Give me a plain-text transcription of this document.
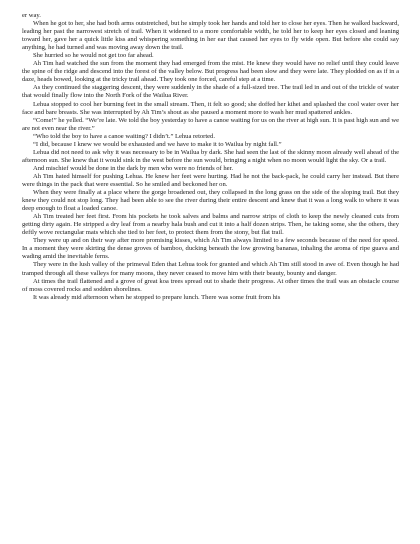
er way.

When he got to her, she had both arms outstretched, but he simply took her hands and told her to close her eyes. Then he walked backward, leading her past the narrowest stretch of trail. When it widened to a more comfortable width, he told her to keep her eyes closed and leaning toward her, gave her a quick little kiss and whispering something in her ear that caused her eyes to fly wide open. But before she could say anything, he had turned and was moving away down the trail.

She hurried so he would not get too far ahead.

Ah Tim had watched the sun from the moment they had emerged from the mist. He knew they would have no relief until they could leave the spine of the ridge and descend into the forest of the valley below. But progress had been slow and they were late. They plodded on as if in a daze, heads bowed, looking at the tricky trail ahead. They took one forced, careful step at a time.

As they continued the staggering descent, they were suddenly in the shade of a full-sized tree. The trail led in and out of the trickle of water that would finally flow into the North Fork of the Wailua River.

Lehua stopped to cool her burning feet in the small stream. Then, it felt so good; she doffed her kihei and splashed the cool water over her face and bare breasts. She was interrupted by Ah Tim’s shout as she paused a moment more to wash her mud spattered ankles.

“Come!” he yelled. “We’re late. We told the boy yesterday to have a canoe waiting for us on the river at high sun. It is past high sun and we are not even near the river.”

“Who told the boy to have a canoe waiting? I didn’t.” Lehua retorted.

“I did, because I knew we would be exhausted and we have to make it to Wailua by night fall.”

Lehua did not need to ask why it was necessary to be in Wailua by dark. She had seen the last of the skinny moon already well ahead of the afternoon sun. She knew that it would sink in the west before the sun would, bringing a night when no moon would light the sky. Or a trail.

And mischief would be done in the dark by men who were no friends of her.

Ah Tim hated himself for pushing Lehua. He knew her feet were hurting. Had he not the back-pack, he could carry her instead. But there were things in the pack that were essential. So he smiled and beckoned her on.

When they were finally at a place where the gorge broadened out, they collapsed in the long grass on the side of the sloping trail. But they knew they could not stop long. They had been able to see the river during their entire descent and knew that it was a long walk to where it was deep enough to float a loaded canoe.

Ah Tim treated her feet first. From his pockets he took salves and balms and narrow strips of cloth to keep the newly cleaned cuts from getting dirty again. He stripped a dry leaf from a nearby hala bush and cut it into a half dozen strips. Then, he taking some, she the others, they deftly wove rectangular mats which she tied to her feet, to protect them from the stony, but flat trail.

They were up and on their way after more promising kisses, which Ah Tim always limited to a few seconds because of the need for speed. In a moment they were skirting the dense groves of bamboo, ducking beneath the low growing bananas, inhaling the aroma of ripe guava and wading amid the inevitable ferns.

They were in the lush valley of the primeval Eden that Lehua took for granted and which Ah Tim still stood in awe of. Even though he had tramped through all these valleys for many moons, they never ceased to move him with their beauty, bounty and danger.

At times the trail flattened and a grove of great koa trees spread out to shade their progress. At other times the trail was an obstacle course of moss covered rocks and sodden shorelines.

It was already mid afternoon when he stopped to prepare lunch. There was some fruit from his
